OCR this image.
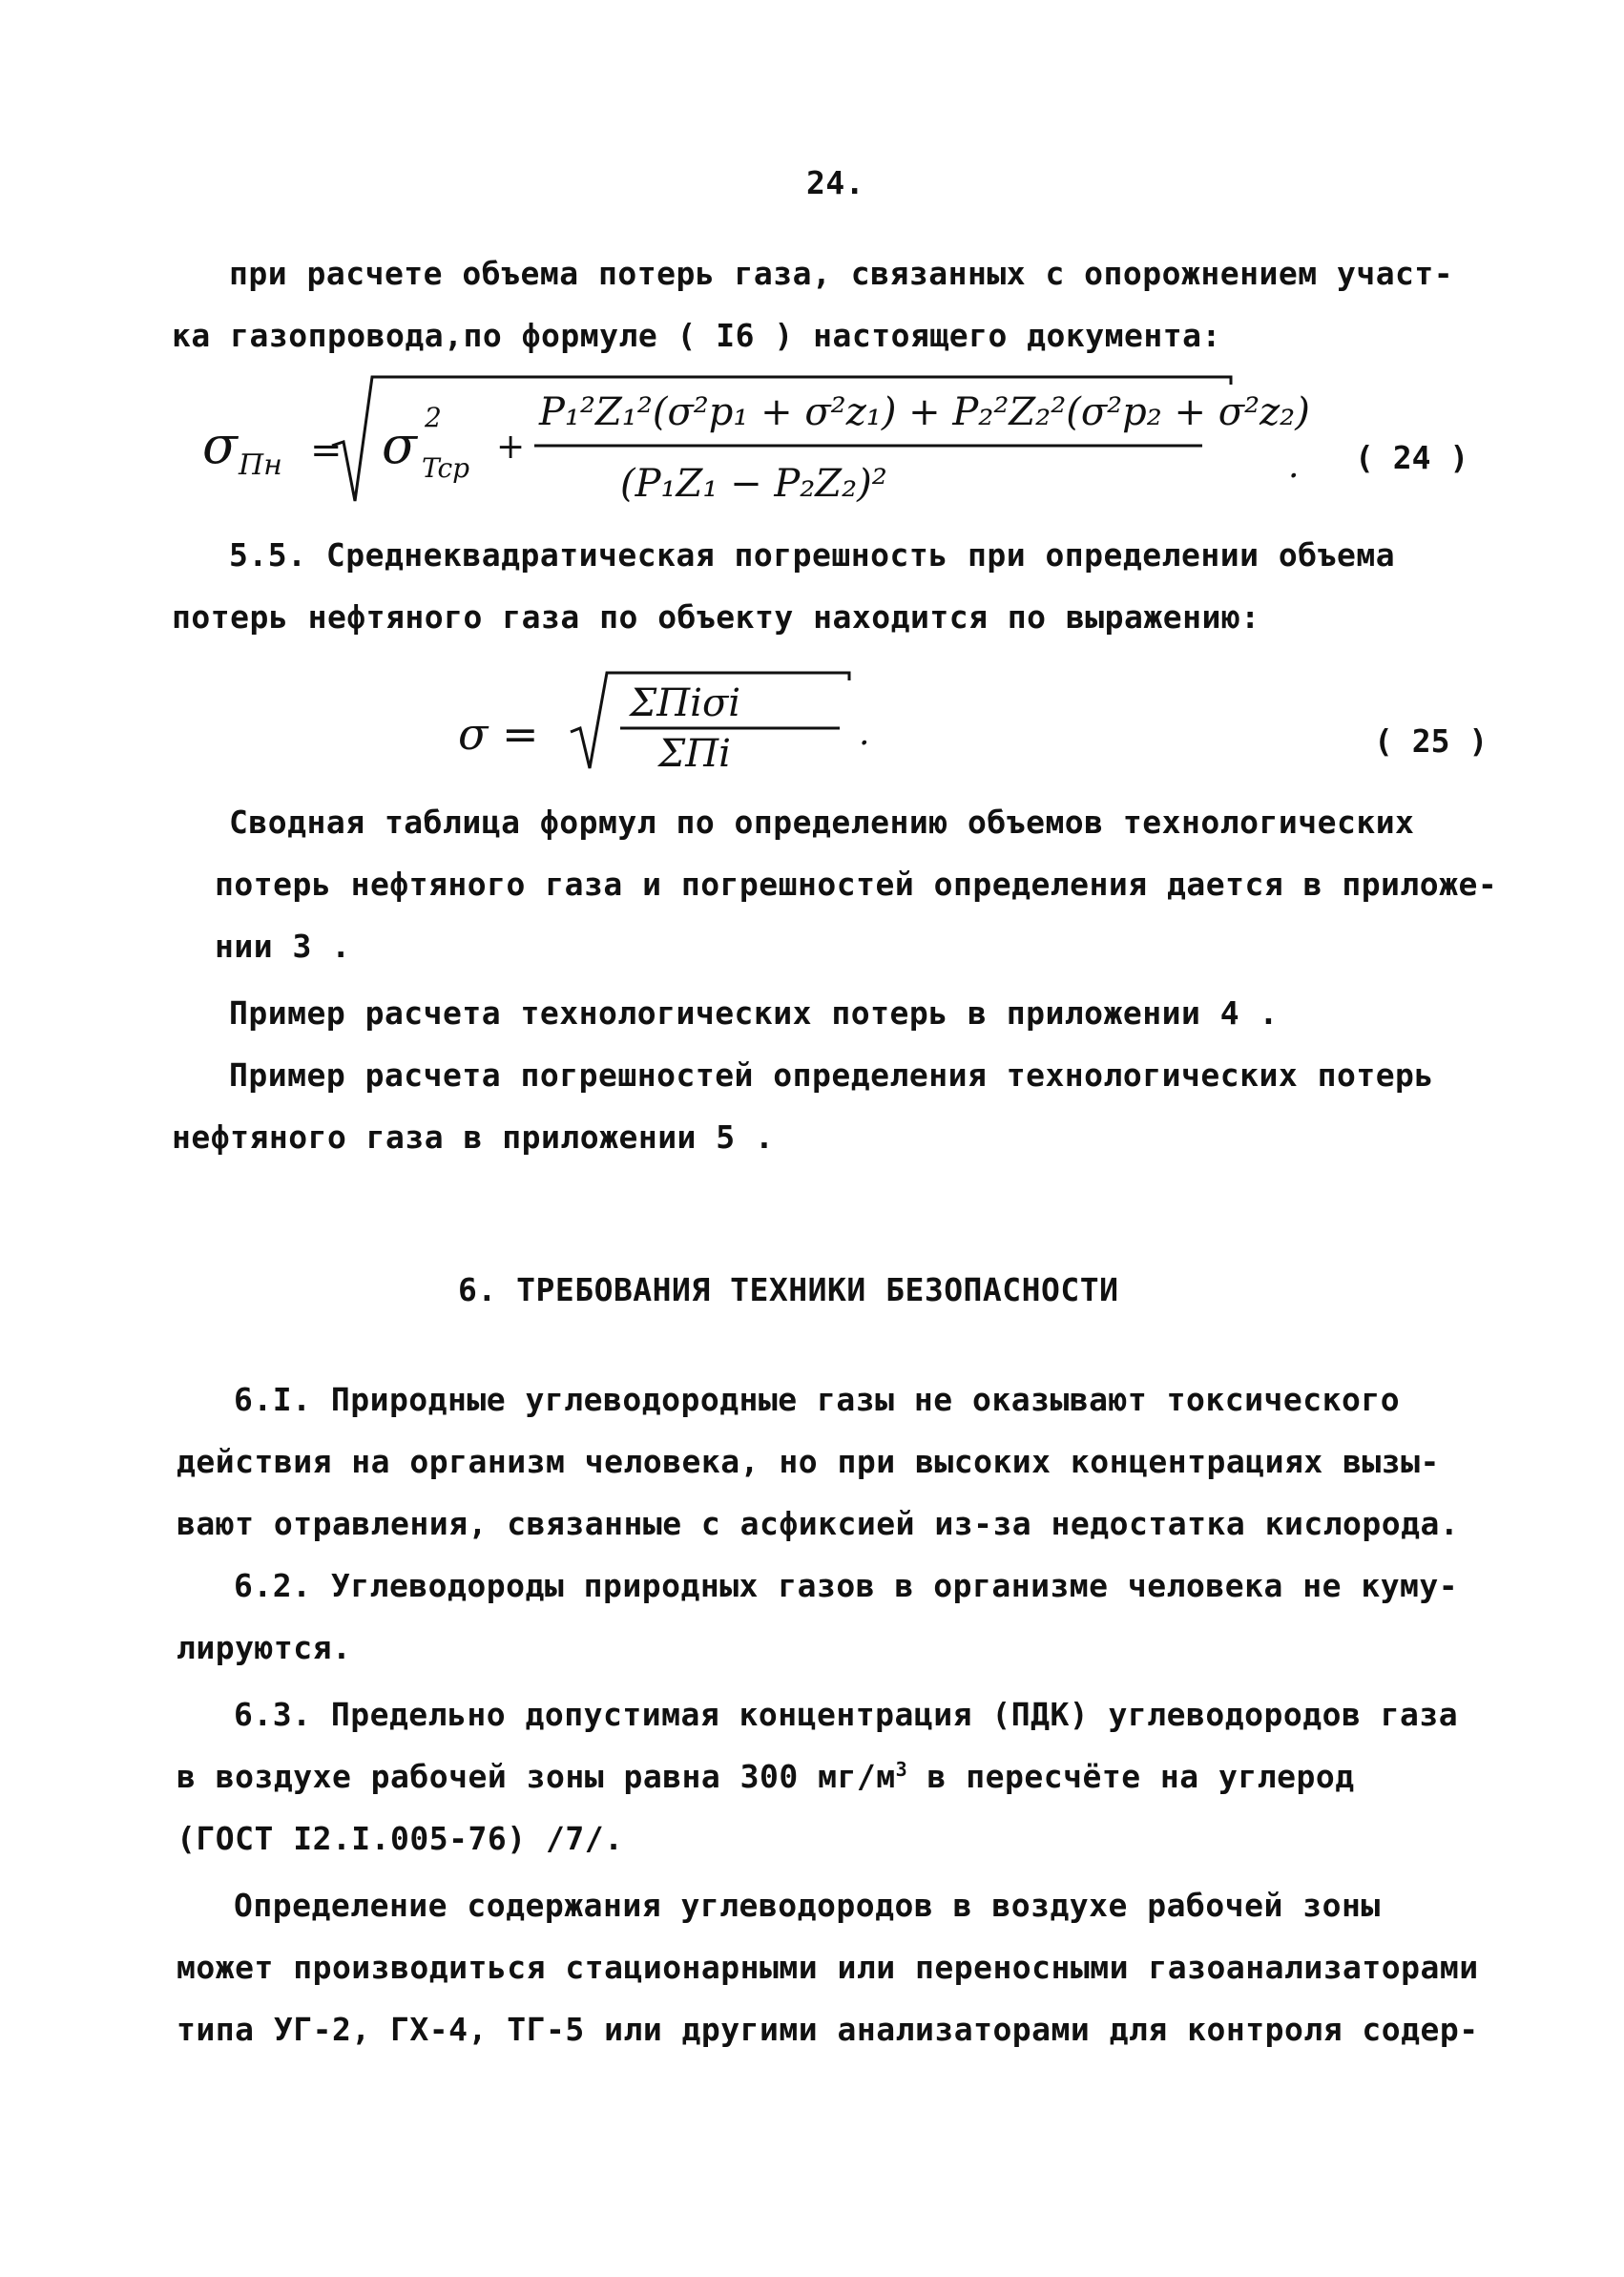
24.
при расчете объема потерь газа, связанных с опорожнением участ-
ка газопровода,по формуле ( I6 ) настоящего документа:
σ Пн = σ 2
Tcp
+
P₁²Z₁²(σ²p₁ + σ²z₁) + P₂²Z₂²(σ²p₂ + σ²z₂)
(P₁Z₁ − P₂Z₂)²	. ( 24 )
5.5. Среднеквадратическая погрешность при определении объема
потерь нефтяного газа по объекту находится по выражению:
σ =
ΣПiσi
ΣПi	.	( 25 )
Сводная таблица формул по определению объемов технологических
потерь нефтяного газа и погрешностей определения дается в приложе-
нии 3 .
Пример расчета технологических потерь в приложении 4 .
Пример расчета погрешностей определения технологических потерь
нефтяного газа в приложении 5 .
6. ТРЕБОВАНИЯ ТЕХНИКИ БЕЗОПАСНОСТИ
6.I. Природные углеводородные газы не оказывают токсического
действия на организм человека, но при высоких концентрациях вызы-
вают отравления, связанные с асфиксией из-за недостатка кислорода.
6.2. Углеводороды природных газов в организме человека не куму-
лируются.
6.3. Предельно допустимая концентрация (ПДК) углеводородов газа
в воздухе рабочей зоны равна 300 $мг/м^3$ в пересчёте на углерод
(ГОСТ I2.I.005-76) /7/.
Определение содержания углеводородов в воздухе рабочей зоны
может производиться стационарными или переносными газоанализаторами
типа УГ-2, ГХ-4, ТГ-5 или другими анализаторами для контроля содер-
